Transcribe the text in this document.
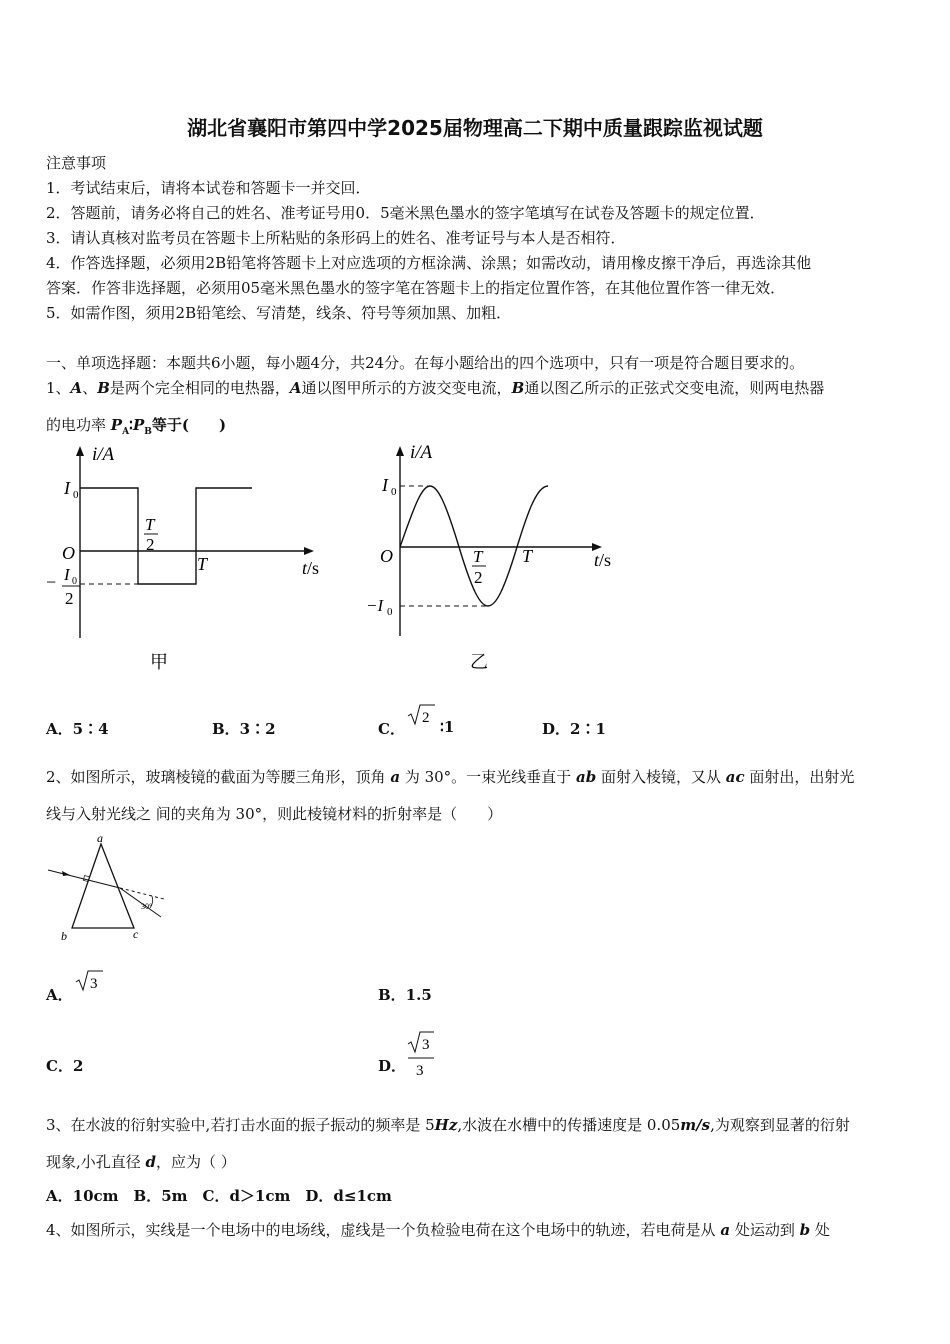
湖北省襄阳市第四中学2025届物理高二下期中质量跟踪监视试题
注意事项
1．考试结束后，请将本试卷和答题卡一并交回．
2．答题前，请务必将自己的姓名、准考证号用0．5毫米黑色墨水的签字笔填写在试卷及答题卡的规定位置．
3．请认真核对监考员在答题卡上所粘贴的条形码上的姓名、准考证号与本人是否相符．
4．作答选择题，必须用2B铅笔将答题卡上对应选项的方框涂满、涂黑；如需改动，请用橡皮擦干净后，再选涂其他
答案．作答非选择题，必须用05毫米黑色墨水的签字笔在答题卡上的指定位置作答，在其他位置作答一律无效．
5．如需作图，须用2B铅笔绘、写清楚，线条、符号等须加黑、加粗．
一、单项选择题：本题共6小题，每小题4分，共24分。在每小题给出的四个选项中，只有一项是符合题目要求的。
1、A、B是两个完全相同的电热器，A通以图甲所示的方波交变电流，B通以图乙所示的正弦式交变电流，则两电热器
的电功率 $P_A∶P_B$等于(　　)
i/A
I 0
T
2
O
T	t/s
− I 0
2
甲
i/A
I 0
O	T
2
T	t/s
−I 0
乙
A．5∶4	B．3∶2	C．
2 ∶1	D．2∶1
2、如图所示，玻璃棱镜的截面为等腰三角形，顶角 a 为 30°。一束光线垂直于 ab 面射入棱镜，又从 ac 面射出，出射光
线与入射光线之 间的夹角为 30°，则此棱镜材料的折射率是（　　）
a
b	c
30°
A．
3
B．1.5
C．2	D．
3
3
3、在水波的衍射实验中,若打击水面的振子振动的频率是 5Hz,水波在水槽中的传播速度是 0.05m/s,为观察到显著的衍射
现象,小孔直径 d，应为（ ）
A．10cm　B．5m　C．d＞1cm　D．d≤1cm
4、如图所示，实线是一个电场中的电场线，虚线是一个负检验电荷在这个电场中的轨迹，若电荷是从 a 处运动到 b 处
